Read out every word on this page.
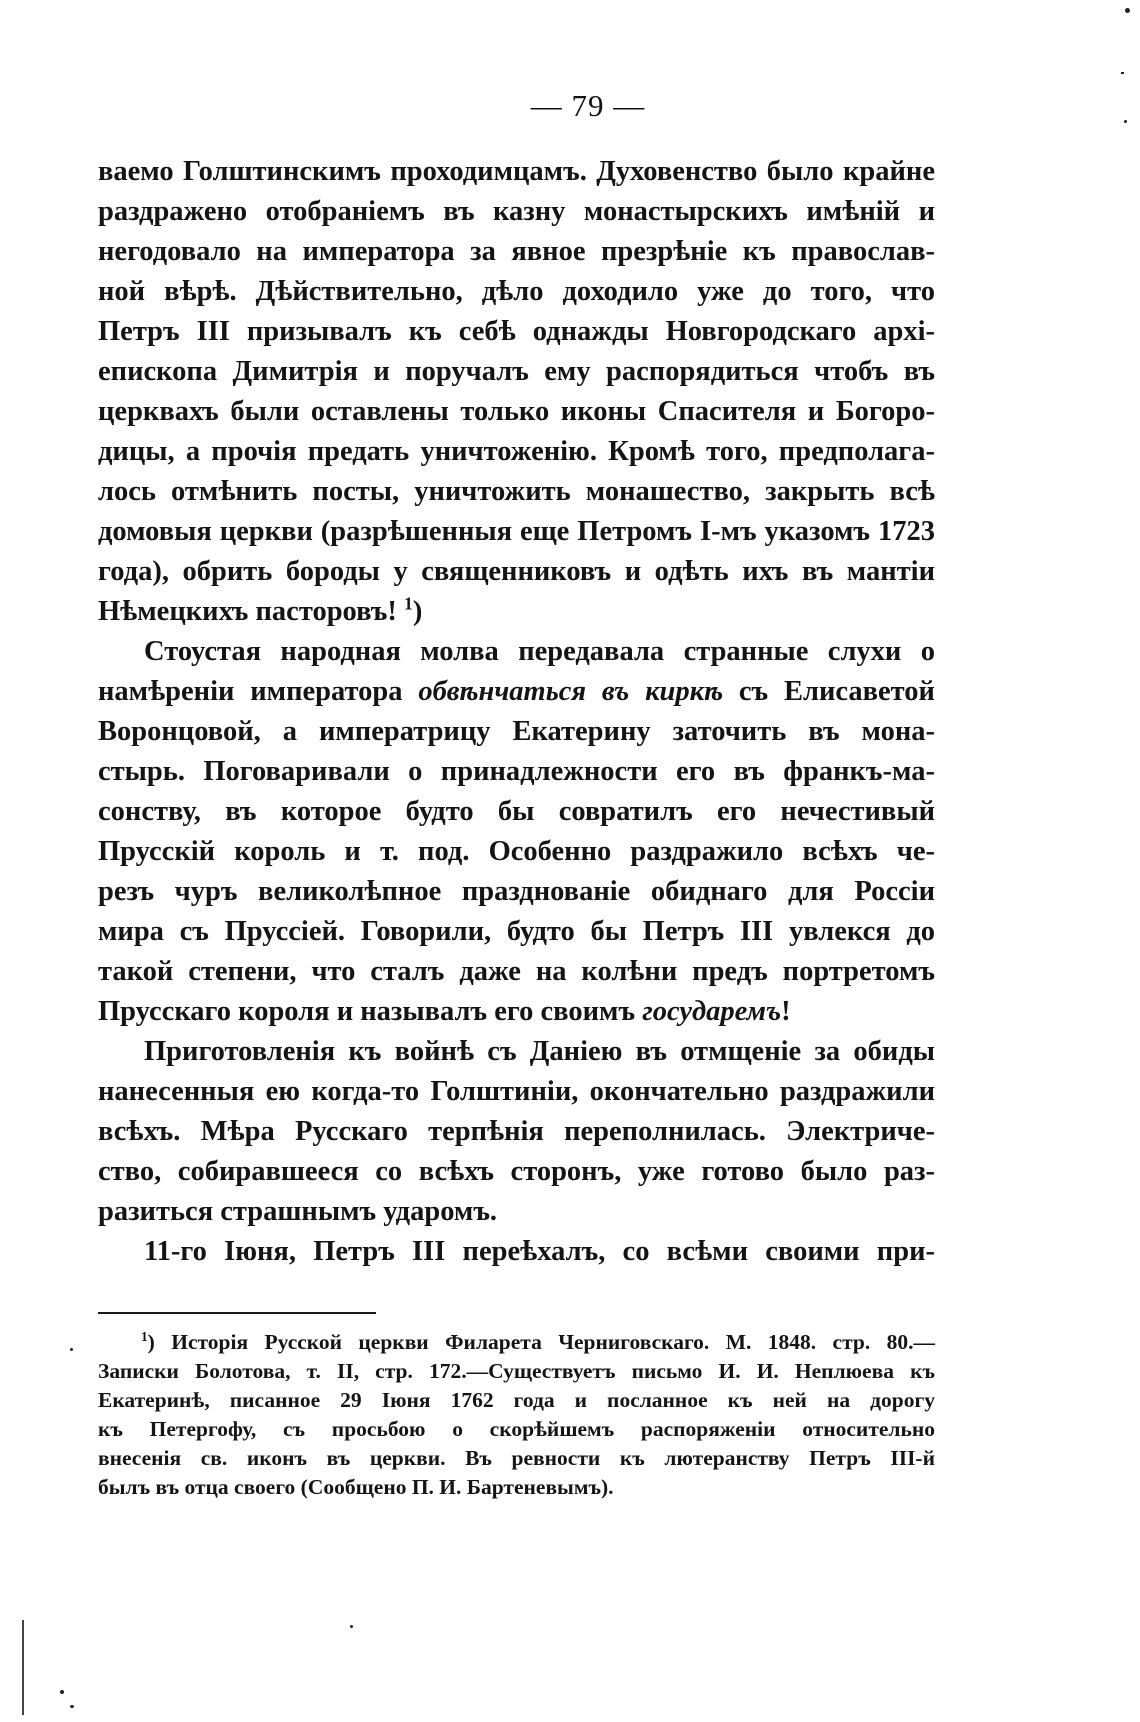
— 79 —
ваемо Голштинскимъ проходимцамъ. Духовенство было крайне
раздражено отобраніемъ въ казну монастырскихъ имѣній и
негодовало на императора за явное презрѣніе къ православ-
ной вѣрѣ. Дѣйствительно, дѣло доходило уже до того, что
Петръ III призывалъ къ себѣ однажды Новгородскаго архі-
епископа Димитрія и поручалъ ему распорядиться чтобъ въ
церквахъ были оставлены только иконы Спасителя и Богоро-
дицы, а прочія предать уничтоженію. Кромѣ того, предполага-
лось отмѣнить посты, уничтожить монашество, закрыть всѣ
домовыя церкви (разрѣшенныя еще Петромъ I-мъ указомъ 1723
года), обрить бороды у священниковъ и одѣть ихъ въ мантіи
Нѣмецкихъ пасторовъ! $^1$)
Стоустая народная молва передавала странные слухи о
намѣреніи императора обвѣнчаться въ киркѣ съ Елисаветой
Воронцовой, а императрицу Екатерину заточить въ мона-
стырь. Поговаривали о принадлежности его въ франкъ-ма-
сонству, въ которое будто бы совратилъ его нечестивый
Прусскій король и т. под. Особенно раздражило всѣхъ че-
резъ чуръ великолѣпное празднованіе обиднаго для Россіи
мира съ Пруссіей. Говорили, будто бы Петръ III увлекся до
такой степени, что сталъ даже на колѣни предъ портретомъ
Прусскаго короля и называлъ его своимъ государемъ!
Приготовленія къ войнѣ съ Даніею въ отмщеніе за обиды
нанесенныя ею когда-то Голштиніи, окончательно раздражили
всѣхъ. Мѣра Русскаго терпѣнія переполнилась. Электриче-
ство, собиравшееся со всѣхъ сторонъ, уже готово было раз-
разиться страшнымъ ударомъ.
11-го Іюня, Петръ III переѣхалъ, со всѣми своими при-
$^1$) Исторія Русской церкви Филарета Черниговскаго. М. 1848. стр. 80.—
Записки Болотова, т. II, стр. 172.—Существуетъ письмо И. И. Неплюева къ
Екатеринѣ, писанное 29 Іюня 1762 года и посланное къ ней на дорогу
къ Петергофу, съ просьбою о скорѣйшемъ распоряженіи относительно
внесенія св. иконъ въ церкви. Въ ревности къ лютеранству Петръ III-й
былъ въ отца своего (Сообщено П. И. Бартеневымъ).
